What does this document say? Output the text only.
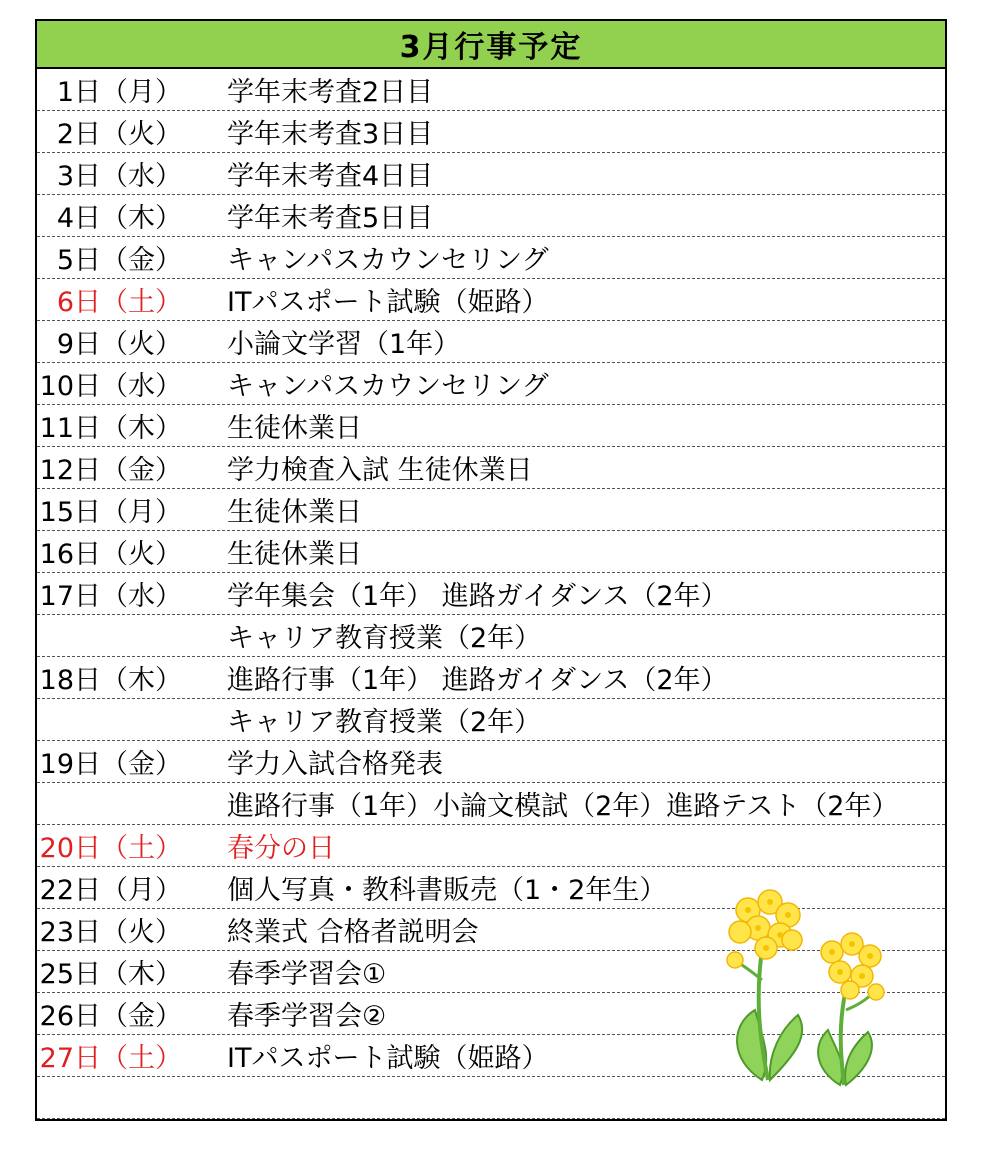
3月行事予定
1日（月）	学年末考査2日目
2日（火）	学年末考査3日目
3日（水）	学年末考査4日目
4日（木）	学年末考査5日目
5日（金）	キャンパスカウンセリング
6日（土）	ITパスポート試験（姫路）
9日（火）	小論文学習（1年）
10日（水）	キャンパスカウンセリング
11日（木）	生徒休業日
12日（金）	学力検査入試 生徒休業日
15日（月）	生徒休業日
16日（火）	生徒休業日
17日（水）	学年集会（1年） 進路ガイダンス（2年）
キャリア教育授業（2年）
18日（木）	進路行事（1年） 進路ガイダンス（2年）
キャリア教育授業（2年）
19日（金）	学力入試合格発表
進路行事（1年）小論文模試（2年）進路テスト（2年）
20日（土）	春分の日
22日（月）	個人写真・教科書販売（1・2年生）
23日（火）	終業式 合格者説明会
25日（木）	春季学習会①
26日（金）	春季学習会②
27日（土）	ITパスポート試験（姫路）
